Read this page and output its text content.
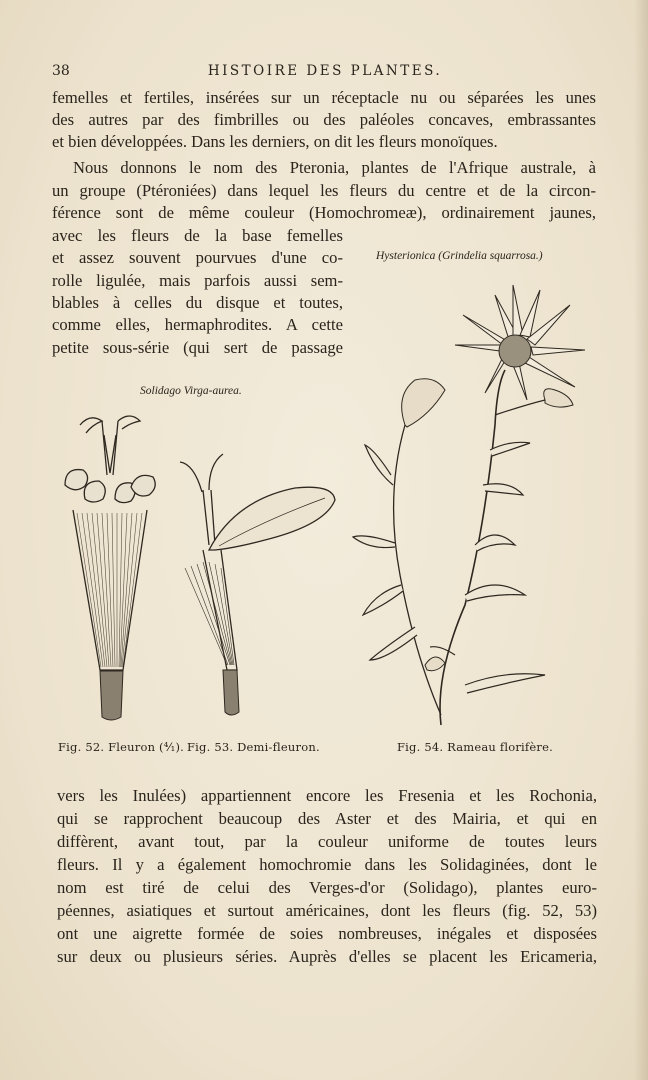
38	HISTOIRE DES PLANTES.
femelles et fertiles, insérées sur un réceptacle nu ou séparées les unes
des autres par des fimbrilles ou des paléoles concaves, embrassantes
et bien développées. Dans les derniers, on dit les fleurs monoïques.
Nous donnons le nom des Pteronia, plantes de l'Afrique australe, à
un groupe (Ptéroniées) dans lequel les fleurs du centre et de la circon-
férence sont de même couleur (Homochromeæ), ordinairement jaunes,
avec les fleurs de la base femelles
et assez souvent pourvues d'une co-
rolle ligulée, mais parfois aussi sem-
blables à celles du disque et toutes,
comme elles, hermaphrodites. A cette
petite sous-série (qui sert de passage
Hysterionica (Grindelia squarrosa.)
Solidago Virga-aurea.
Fig. 52. Fleuron (⁴⁄₁). Fig. 53. Demi-fleuron.	Fig. 54. Rameau florifère.
vers les Inulées) appartiennent encore les Fresenia et les Rochonia,
qui se rapprochent beaucoup des Aster et des Mairia, et qui en
diffèrent, avant tout, par la couleur uniforme de toutes leurs
fleurs. Il y a également homochromie dans les Solidaginées, dont le
nom est tiré de celui des Verges-d'or (Solidago), plantes euro-
péennes, asiatiques et surtout américaines, dont les fleurs (fig. 52, 53)
ont une aigrette formée de soies nombreuses, inégales et disposées
sur deux ou plusieurs séries. Auprès d'elles se placent les Ericameria,
